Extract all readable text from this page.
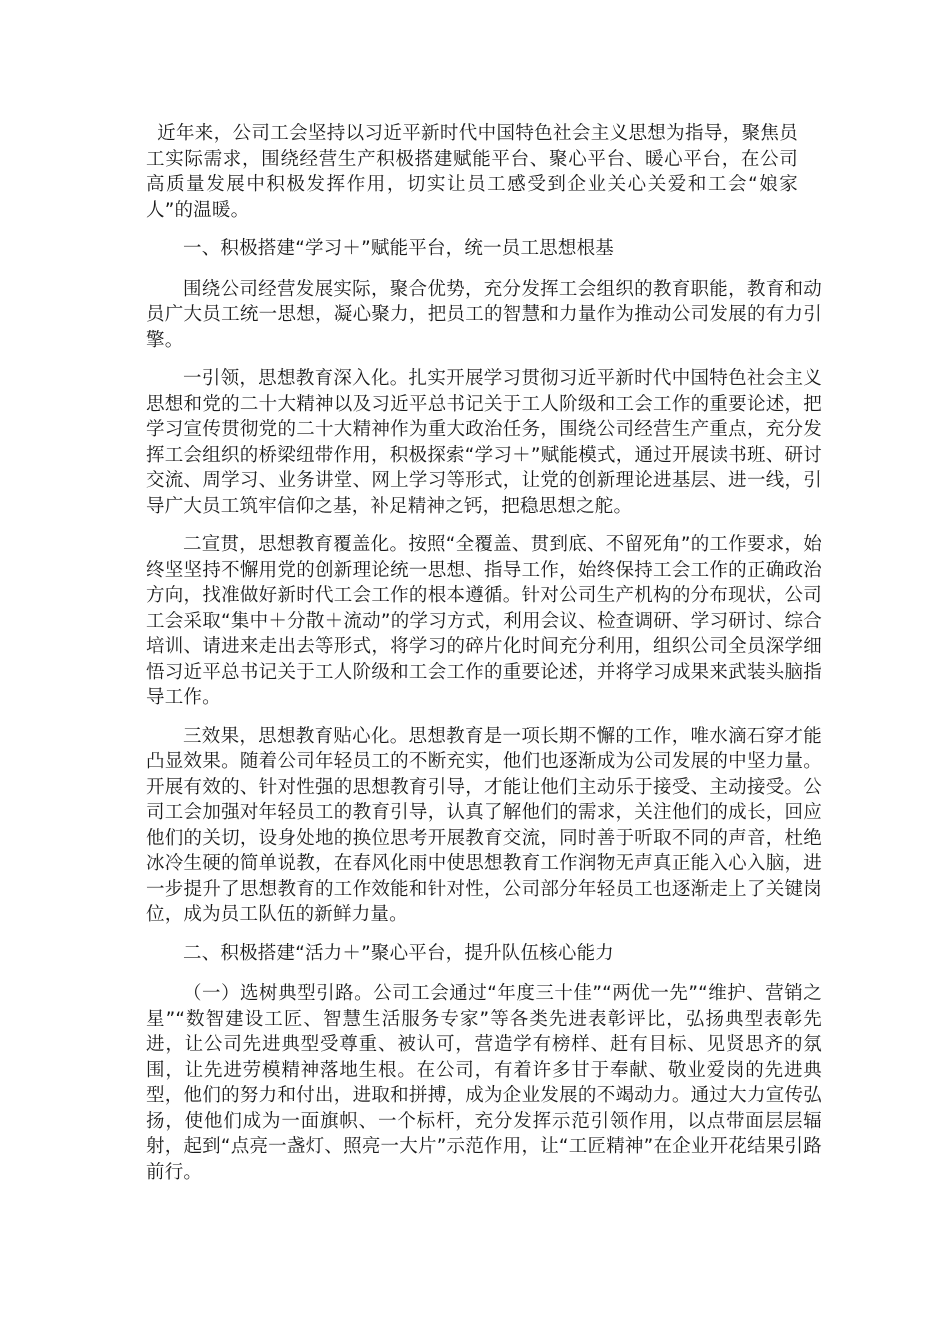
近年来，公司工会坚持以习近平新时代中国特色社会主义思想为指导，聚焦员工实际需求，围绕经营生产积极搭建赋能平台、聚心平台、暖心平台，在公司高质量发展中积极发挥作用，切实让员工感受到企业关心关爱和工会“娘家人”的温暖。

一、积极搭建“学习＋”赋能平台，统一员工思想根基

围绕公司经营发展实际，聚合优势，充分发挥工会组织的教育职能，教育和动员广大员工统一思想，凝心聚力，把员工的智慧和力量作为推动公司发展的有力引擎。

一引领，思想教育深入化。扎实开展学习贯彻习近平新时代中国特色社会主义思想和党的二十大精神以及习近平总书记关于工人阶级和工会工作的重要论述，把学习宣传贯彻党的二十大精神作为重大政治任务，围绕公司经营生产重点，充分发挥工会组织的桥梁纽带作用，积极探索“学习＋”赋能模式，通过开展读书班、研讨交流、周学习、业务讲堂、网上学习等形式，让党的创新理论进基层、进一线，引导广大员工筑牢信仰之基，补足精神之钙，把稳思想之舵。

二宣贯，思想教育覆盖化。按照“全覆盖、贯到底、不留死角”的工作要求，始终坚坚持不懈用党的创新理论统一思想、指导工作，始终保持工会工作的正确政治方向，找准做好新时代工会工作的根本遵循。针对公司生产机构的分布现状，公司工会采取“集中＋分散＋流动”的学习方式，利用会议、检查调研、学习研讨、综合培训、请进来走出去等形式，将学习的碎片化时间充分利用，组织公司全员深学细悟习近平总书记关于工人阶级和工会工作的重要论述，并将学习成果来武装头脑指导工作。

三效果，思想教育贴心化。思想教育是一项长期不懈的工作，唯水滴石穿才能凸显效果。随着公司年轻员工的不断充实，他们也逐渐成为公司发展的中坚力量。开展有效的、针对性强的思想教育引导，才能让他们主动乐于接受、主动接受。公司工会加强对年轻员工的教育引导，认真了解他们的需求，关注他们的成长，回应他们的关切，设身处地的换位思考开展教育交流，同时善于听取不同的声音，杜绝冰冷生硬的简单说教，在春风化雨中使思想教育工作润物无声真正能入心入脑，进一步提升了思想教育的工作效能和针对性，公司部分年轻员工也逐渐走上了关键岗位，成为员工队伍的新鲜力量。

二、积极搭建“活力＋”聚心平台，提升队伍核心能力

（一）选树典型引路。公司工会通过“年度三十佳”“两优一先”“维护、营销之星”“数智建设工匠、智慧生活服务专家”等各类先进表彰评比，弘扬典型表彰先进，让公司先进典型受尊重、被认可，营造学有榜样、赶有目标、见贤思齐的氛围，让先进劳模精神落地生根。在公司，有着许多甘于奉献、敬业爱岗的先进典型，他们的努力和付出，进取和拼搏，成为企业发展的不竭动力。通过大力宣传弘扬，使他们成为一面旗帜、一个标杆，充分发挥示范引领作用，以点带面层层辐射，起到“点亮一盏灯、照亮一大片”示范作用，让“工匠精神”在企业开花结果引路前行。
